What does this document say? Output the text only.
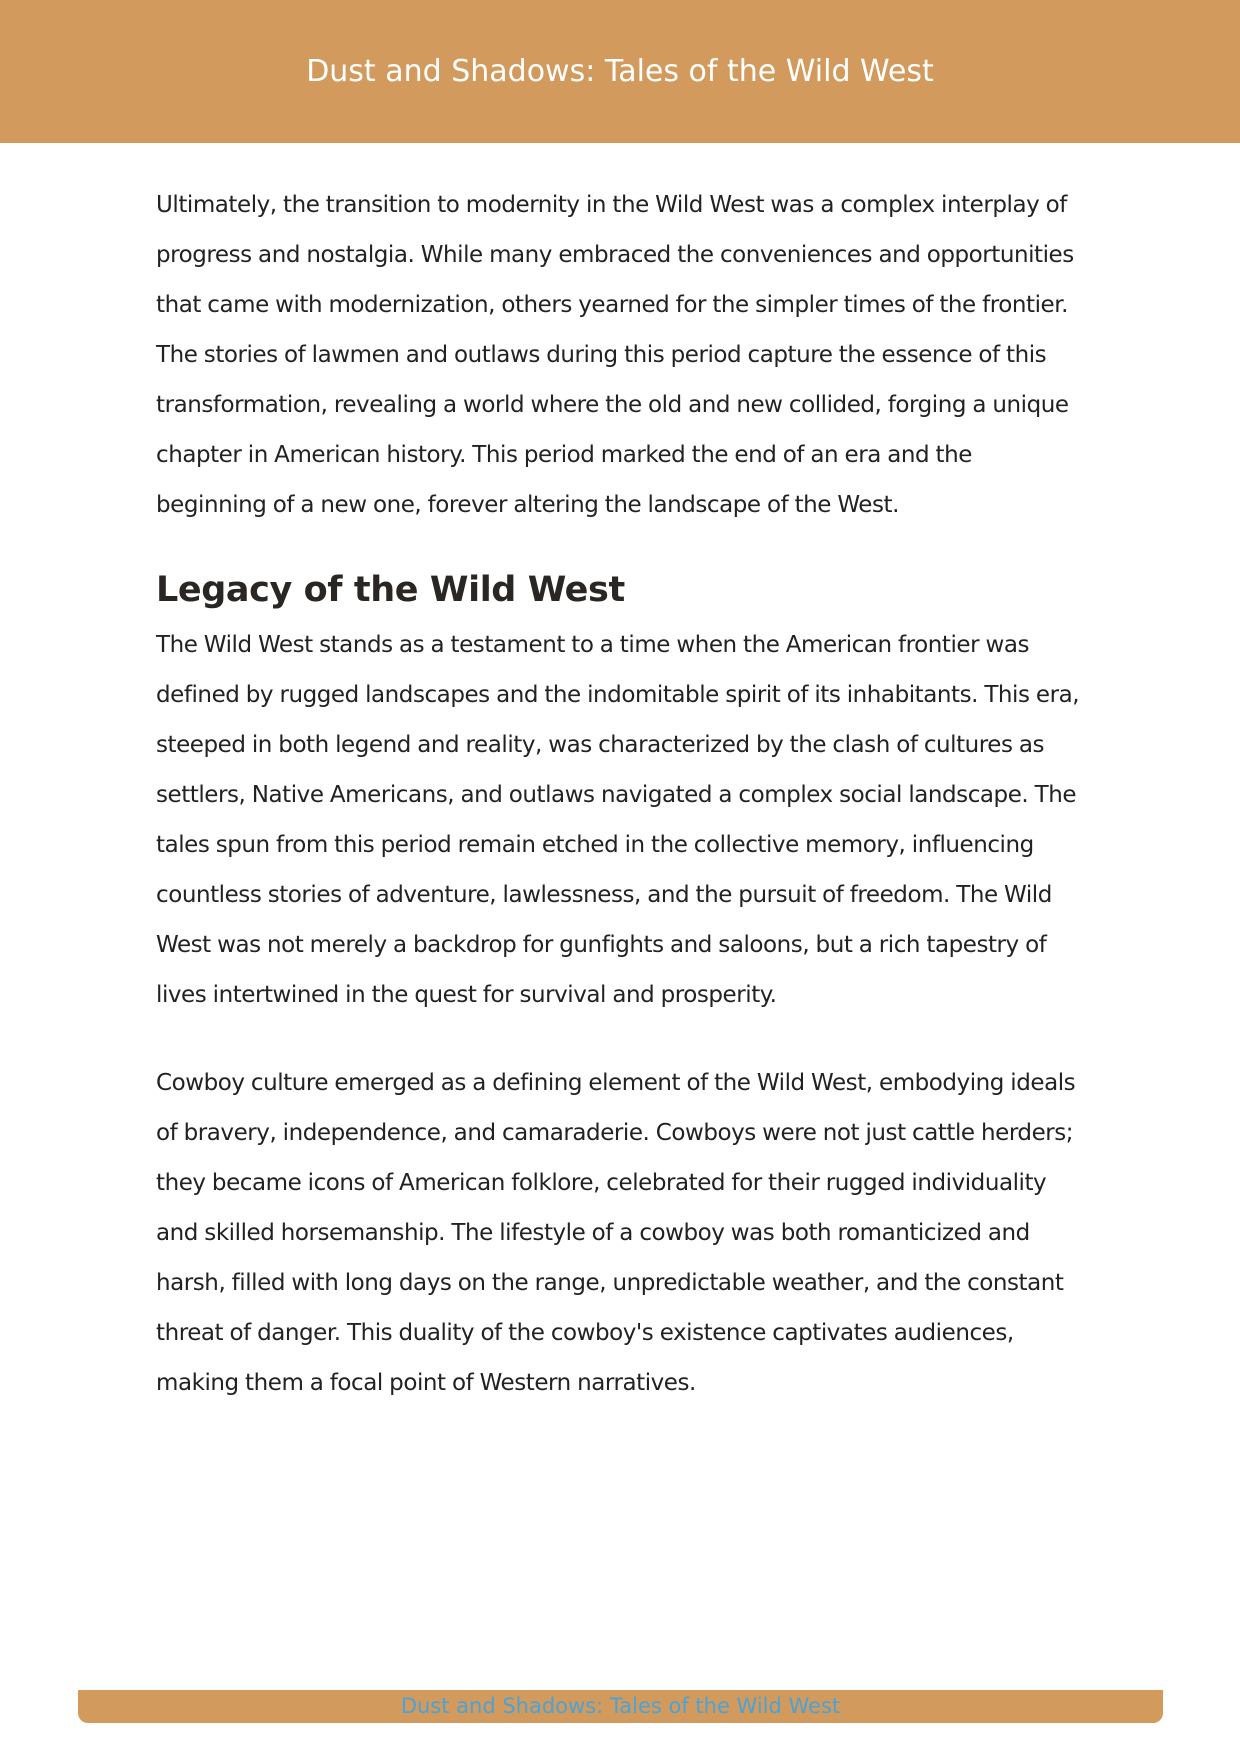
Dust and Shadows: Tales of the Wild West

Ultimately, the transition to modernity in the Wild West was a complex interplay of progress and nostalgia. While many embraced the conveniences and opportunities that came with modernization, others yearned for the simpler times of the frontier. The stories of lawmen and outlaws during this period capture the essence of this transformation, revealing a world where the old and new collided, forging a unique chapter in American history. This period marked the end of an era and the beginning of a new one, forever altering the landscape of the West.

Legacy of the Wild West

The Wild West stands as a testament to a time when the American frontier was defined by rugged landscapes and the indomitable spirit of its inhabitants. This era, steeped in both legend and reality, was characterized by the clash of cultures as settlers, Native Americans, and outlaws navigated a complex social landscape. The tales spun from this period remain etched in the collective memory, influencing countless stories of adventure, lawlessness, and the pursuit of freedom. The Wild West was not merely a backdrop for gunfights and saloons, but a rich tapestry of lives intertwined in the quest for survival and prosperity.

Cowboy culture emerged as a defining element of the Wild West, embodying ideals of bravery, independence, and camaraderie. Cowboys were not just cattle herders; they became icons of American folklore, celebrated for their rugged individuality and skilled horsemanship. The lifestyle of a cowboy was both romanticized and harsh, filled with long days on the range, unpredictable weather, and the constant threat of danger. This duality of the cowboy's existence captivates audiences, making them a focal point of Western narratives.

Dust and Shadows: Tales of the Wild West
